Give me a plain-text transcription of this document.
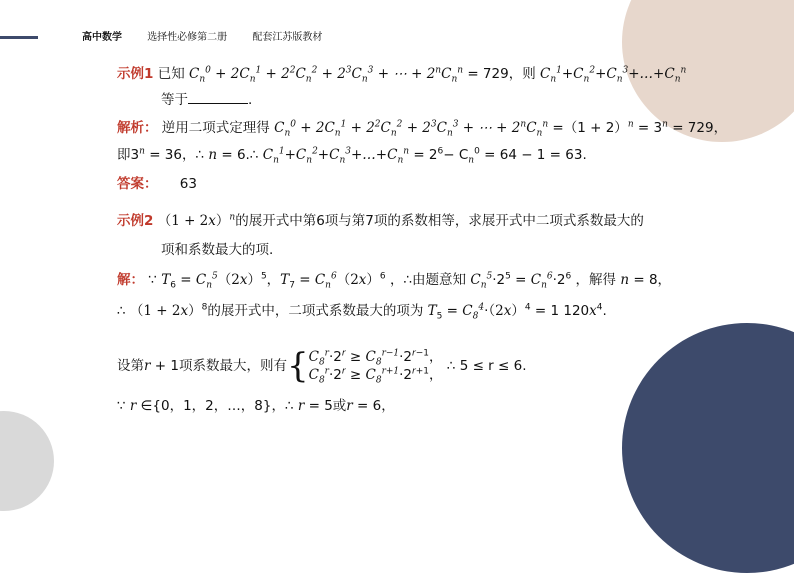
高中数学	选择性必修第二册	配套江苏版教材
示例1 已知 $C_n^0 + 2C_n^1 + 2^2C_n^2 + 2^3C_n^3$ + ⋯ + $2^nC_n^n = 729$，则 $C_n^1+C_n^2+C_n^3+\dots+C_n^n$
等于	.
解析： 逆用二项式定理得 $C_n^0 + 2C_n^1 + 2^2C_n^2 + 2^3C_n^3$ + ⋯ + $2^nC_n^n =(1 + 2)^n = 3^n = 729$，
即$3^n = 36$，∴ n = 6.∴ $C_n^1+C_n^2+C_n^3+\dots+C_n^n = 2^6- C_n^0 = 64 - 1 = 63$.
答案： 63
示例2 $(1 + 2x)^n$的展开式中第6项与第7项的系数相等，求展开式中二项式系数最大的
项和系数最大的项.
解： ∵ $T_6 = C_n^5(2x)^5$，$T_7 = C_n^6(2x)^6$ ，∴由题意知 $C_n^5\cdot 2^5 = C_n^6\cdot 2^6$ ，解得 n = 8，
∴ $(1 + 2x)^8$的展开式中，二项式系数最大的项为 $T_5 = C_8^4\cdot(2x)^4 = 1$ $120x^4$.
设第r + 1项系数最大，则有{$C_8^r\cdot 2^r \ge C_8^{r-1}\cdot 2^{r-1}$，
$C_8^r\cdot 2^r \ge C_8^{r+1}\cdot 2^{r+1}$， ∴ 5 ≤ r ≤ 6.
∵ r ∈{0，1，2，…，8}，∴ r = 5或r = 6，
